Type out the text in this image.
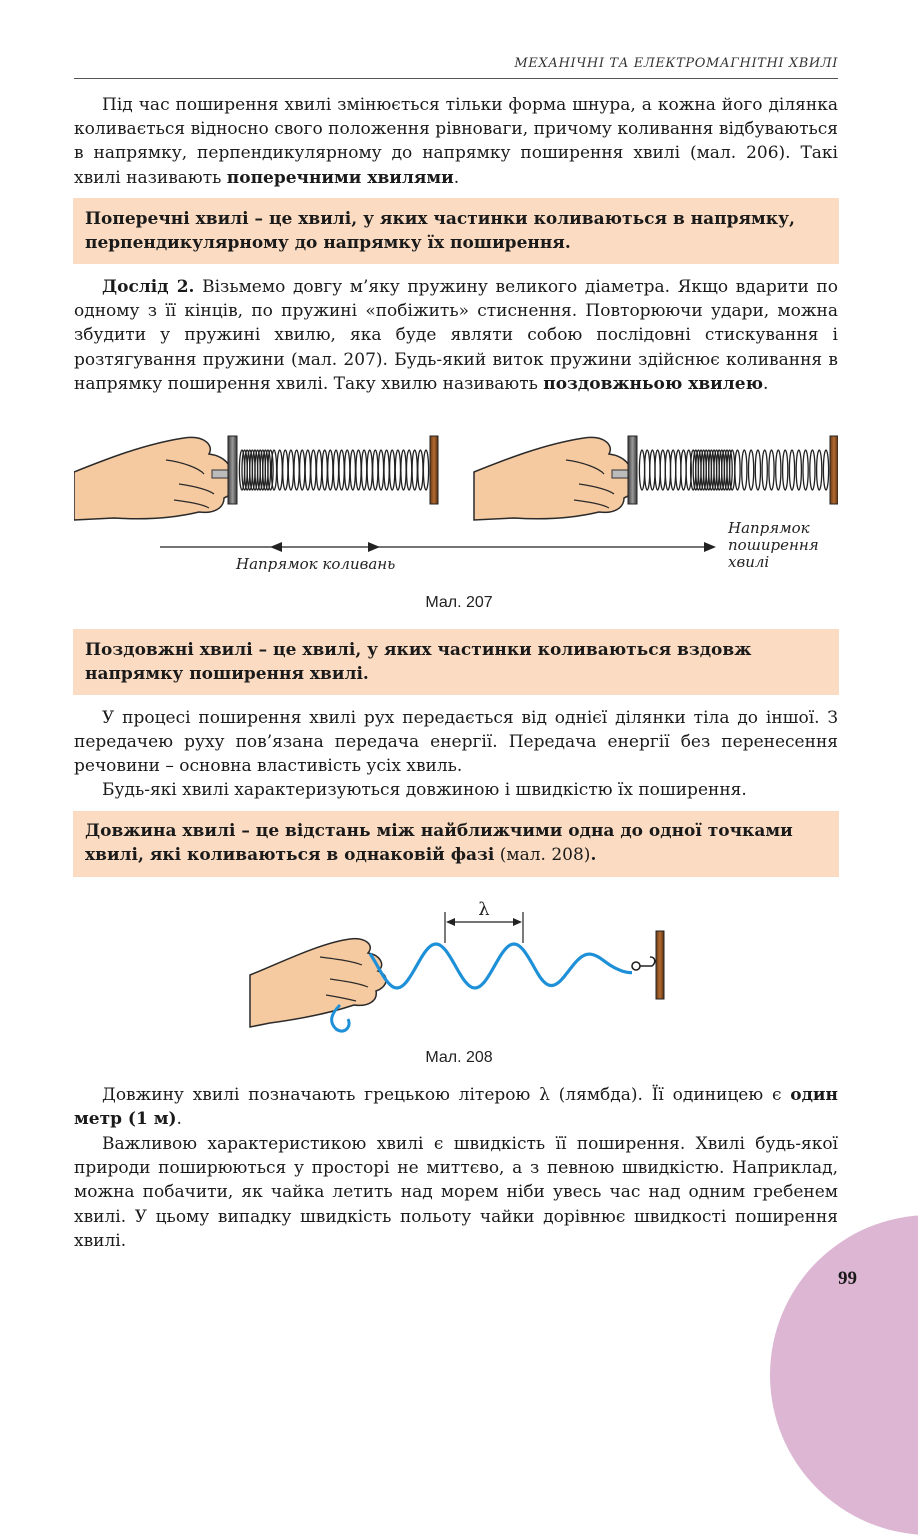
МЕХАНІЧНІ ТА ЕЛЕКТРОМАГНІТНІ ХВИЛІ

Під час поширення хвилі змінюється тільки форма шнура, а кожна його ділянка коливається відносно свого положення рівноваги, причому коливання відбуваються в напрямку, перпендикулярному до напрямку поширення хвилі (мал. 206). Такі хвилі називають поперечними хвилями.

Поперечні хвилі – це хвилі, у яких частинки коливаються в напрямку, перпендикулярному до напрямку їх поширення.

Дослід 2. Візьмемо довгу м’яку пружину великого діаметра. Якщо вдарити по одному з її кінців, по пружині «побіжить» стиснення. Повторюючи удари, можна збудити у пружині хвилю, яка буде являти собою послідовні стискування і розтягування пружини (мал. 207). Будь-який виток пружини здійснює коливання в напрямку поширення хвилі. Таку хвилю називають поздовжньою хвилею.

Напрямок коливань
Напрямок
поширення
хвилі
Мал. 207
Поздовжні хвилі – це хвилі, у яких частинки коливаються вздовж напрямку поширення хвилі.

У процесі поширення хвилі рух передається від однієї ділянки тіла до іншої. З передачею руху пов’язана передача енергії. Передача енергії без перенесення речовини – основна властивість усіх хвиль.

Будь-які хвилі характеризуються довжиною і швидкістю їх поширення.

Довжина хвилі – це відстань між найближчими одна до одної точками хвилі, які коливаються в однаковій фазі (мал. 208).
λ
Мал. 208

Довжину хвилі позначають грецькою літерою λ (лямбда). Її одиницею є один метр (1 м).

Важливою характеристикою хвилі є швидкість її поширення. Хвилі будь-якої природи поширюються у просторі не миттєво, а з певною швидкістю. Наприклад, можна побачити, як чайка летить над морем ніби увесь час над одним гребенем хвилі. У цьому випадку швидкість польоту чайки дорівнює швидкості поширення хвилі.

99
